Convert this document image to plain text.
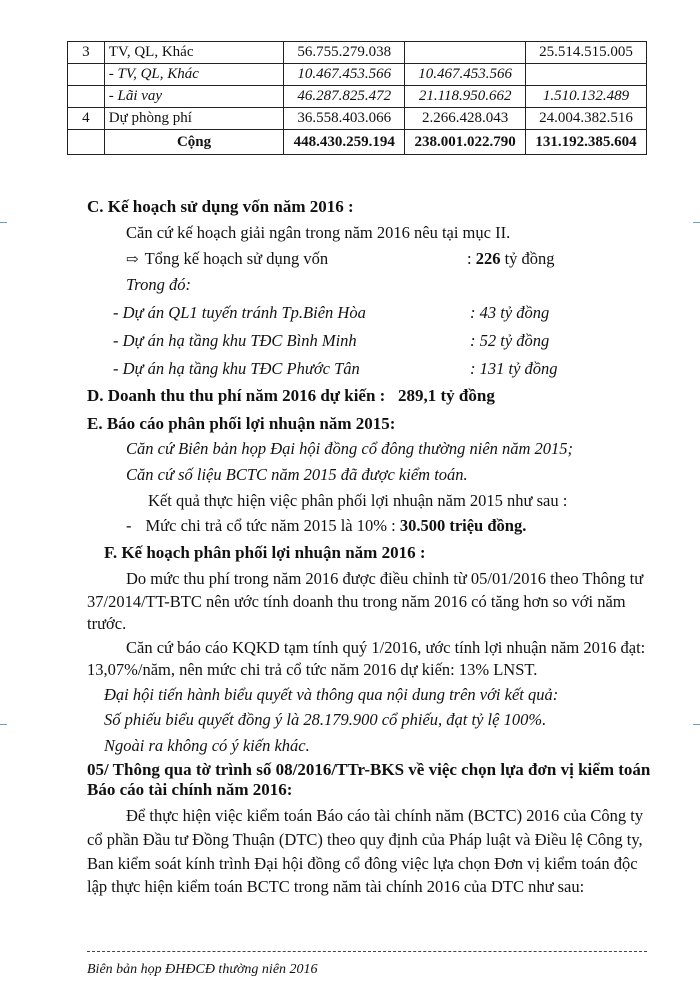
3	TV, QL, Khác	56.755.279.038		25.514.515.005
	- TV, QL, Khác	10.467.453.566	10.467.453.566	
	- Lãi vay	46.287.825.472	21.118.950.662	1.510.132.489
4	Dự phòng phí	36.558.403.066	2.266.428.043	24.004.382.516
	Cộng	448.430.259.194	238.001.022.790	131.192.385.604
C. Kế hoạch sử dụng vốn năm 2016 :
Căn cứ kế hoạch giải ngân trong năm 2016 nêu tại mục II.
⇨ Tổng kế hoạch sử dụng vốn	: 226 tỷ đồng
Trong đó:
- Dự án QL1 tuyến tránh Tp.Biên Hòa	: 43 tỷ đồng
- Dự án hạ tầng khu TĐC Bình Minh	: 52 tỷ đồng
- Dự án hạ tầng khu TĐC Phước Tân	: 131 tỷ đồng
D. Doanh thu thu phí năm 2016 dự kiến : 289,1 tỷ đồng
E. Báo cáo phân phối lợi nhuận năm 2015:
Căn cứ Biên bản họp Đại hội đồng cổ đông thường niên năm 2015;
Căn cứ số liệu BCTC năm 2015 đã được kiểm toán.
Kết quả thực hiện việc phân phối lợi nhuận năm 2015 như sau :
- Mức chi trả cổ tức năm 2015 là 10% : 30.500 triệu đồng.
F. Kế hoạch phân phối lợi nhuận năm 2016 :
Do mức thu phí trong năm 2016 được điều chỉnh từ 05/01/2016 theo Thông tư
37/2014/TT-BTC nên ước tính doanh thu trong năm 2016 có tăng hơn so với năm
trước.
Căn cứ báo cáo KQKD tạm tính quý 1/2016, ước tính lợi nhuận năm 2016 đạt:
13,07%/năm, nên mức chi trả cổ tức năm 2016 dự kiến: 13% LNST.
Đại hội tiến hành biểu quyết và thông qua nội dung trên với kết quả:
Số phiếu biểu quyết đồng ý là 28.179.900 cổ phiếu, đạt tỷ lệ 100%.
Ngoài ra không có ý kiến khác.
05/ Thông qua tờ trình số 08/2016/TTr-BKS về việc chọn lựa đơn vị kiểm toán
Báo cáo tài chính năm 2016:
Để thực hiện việc kiểm toán Báo cáo tài chính năm (BCTC) 2016 của Công ty
cổ phần Đầu tư Đồng Thuận (DTC) theo quy định của Pháp luật và Điều lệ Công ty,
Ban kiểm soát kính trình Đại hội đồng cổ đông việc lựa chọn Đơn vị kiểm toán độc
lập thực hiện kiểm toán BCTC trong năm tài chính 2016 của DTC như sau:
Biên bản họp ĐHĐCĐ thường niên 2016
